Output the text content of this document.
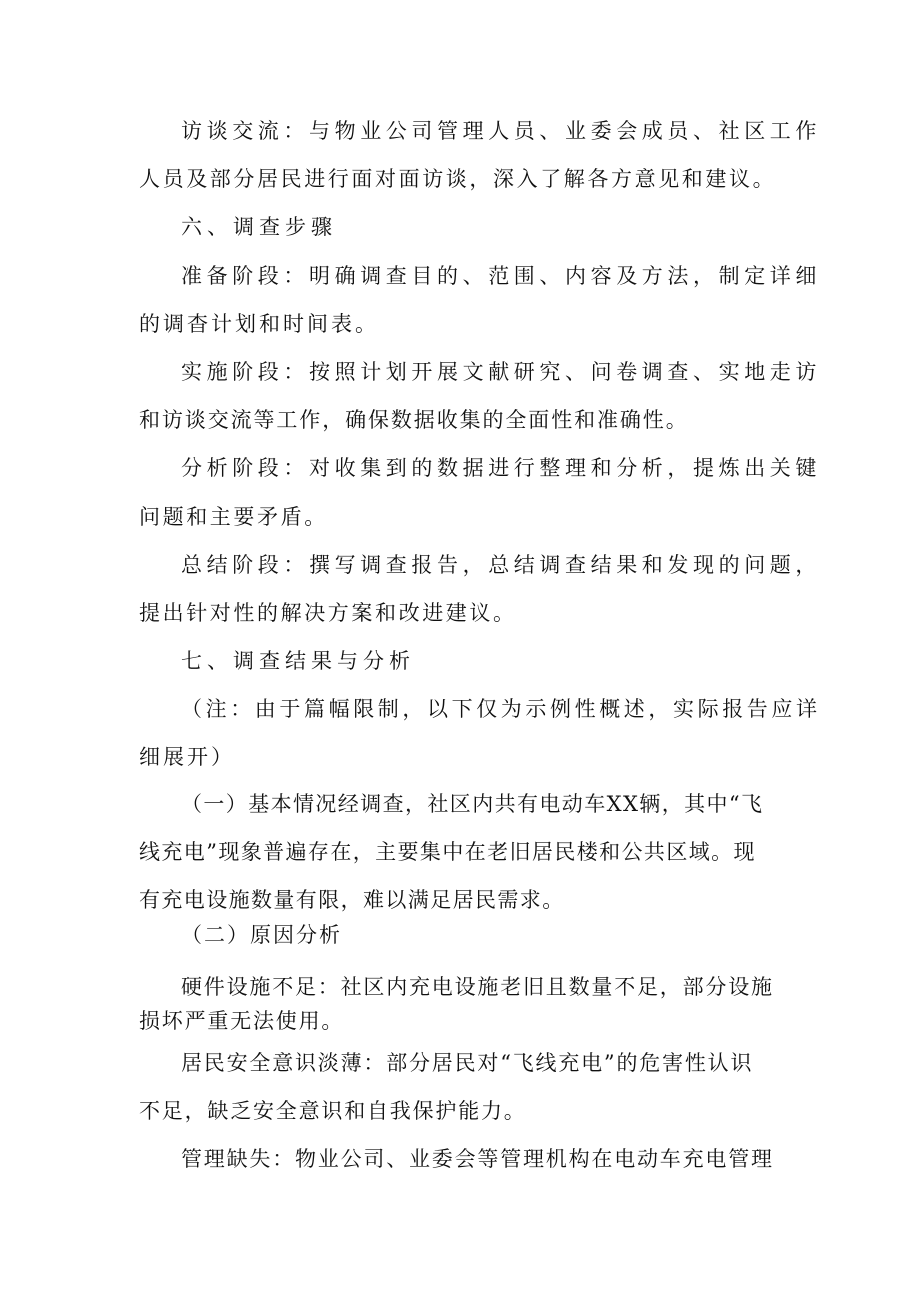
访谈交流：与物业公司管理人员、业委会成员、社区工作
人员及部分居民进行面对面访谈，深入了解各方意见和建议。
六、调查步骤
准备阶段：明确调查目的、范围、内容及方法，制定详细
的调杳计划和时间表。
实施阶段：按照计划开展文献研究、问卷调查、实地走访
和访谈交流等工作，确保数据收集的全面性和准确性。
分析阶段：对收集到的数据进行整理和分析，提炼出关键
问题和主要矛盾。
总结阶段：撰写调查报告，总结调查结果和发现的问题，
提出针对性的解决方案和改进建议。
七、调查结果与分析
（注：由于篇幅限制，以下仅为示例性概述，实际报告应详
细展开）
（一）基本情况经调查，社区内共有电动车XX辆，其中“飞
线充电”现象普遍存在，主要集中在老旧居民楼和公共区域。现
有充电设施数量有限，难以满足居民需求。
（二）原因分析
硬件设施不足：社区内充电设施老旧且数量不足，部分设施
损坏严重无法使用。
居民安全意识淡薄：部分居民对“飞线充电”的危害性认识
不足，缺乏安全意识和自我保护能力。
管理缺失：物业公司、业委会等管理机构在电动车充电管理
